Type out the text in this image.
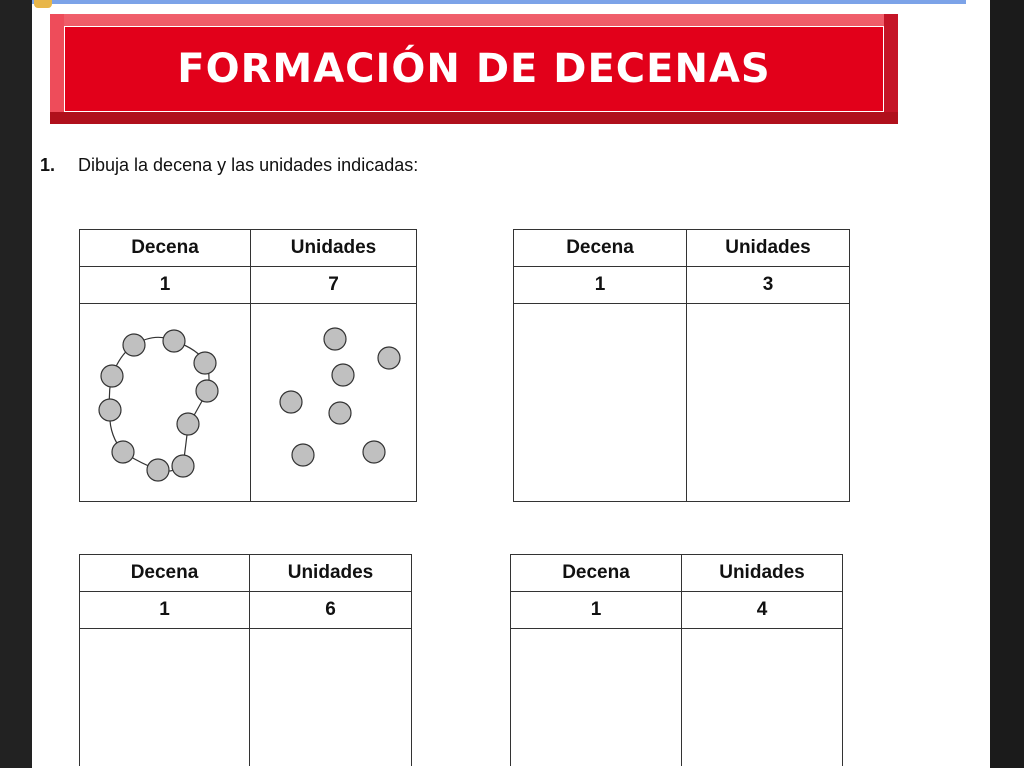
FORMACIÓN DE DECENAS
1.	Dibuja la decena y las unidades indicadas:
Decena	Unidades
1	7

Decena	Unidades
1	3

Decena	Unidades
1	6

Decena	Unidades
1	4
